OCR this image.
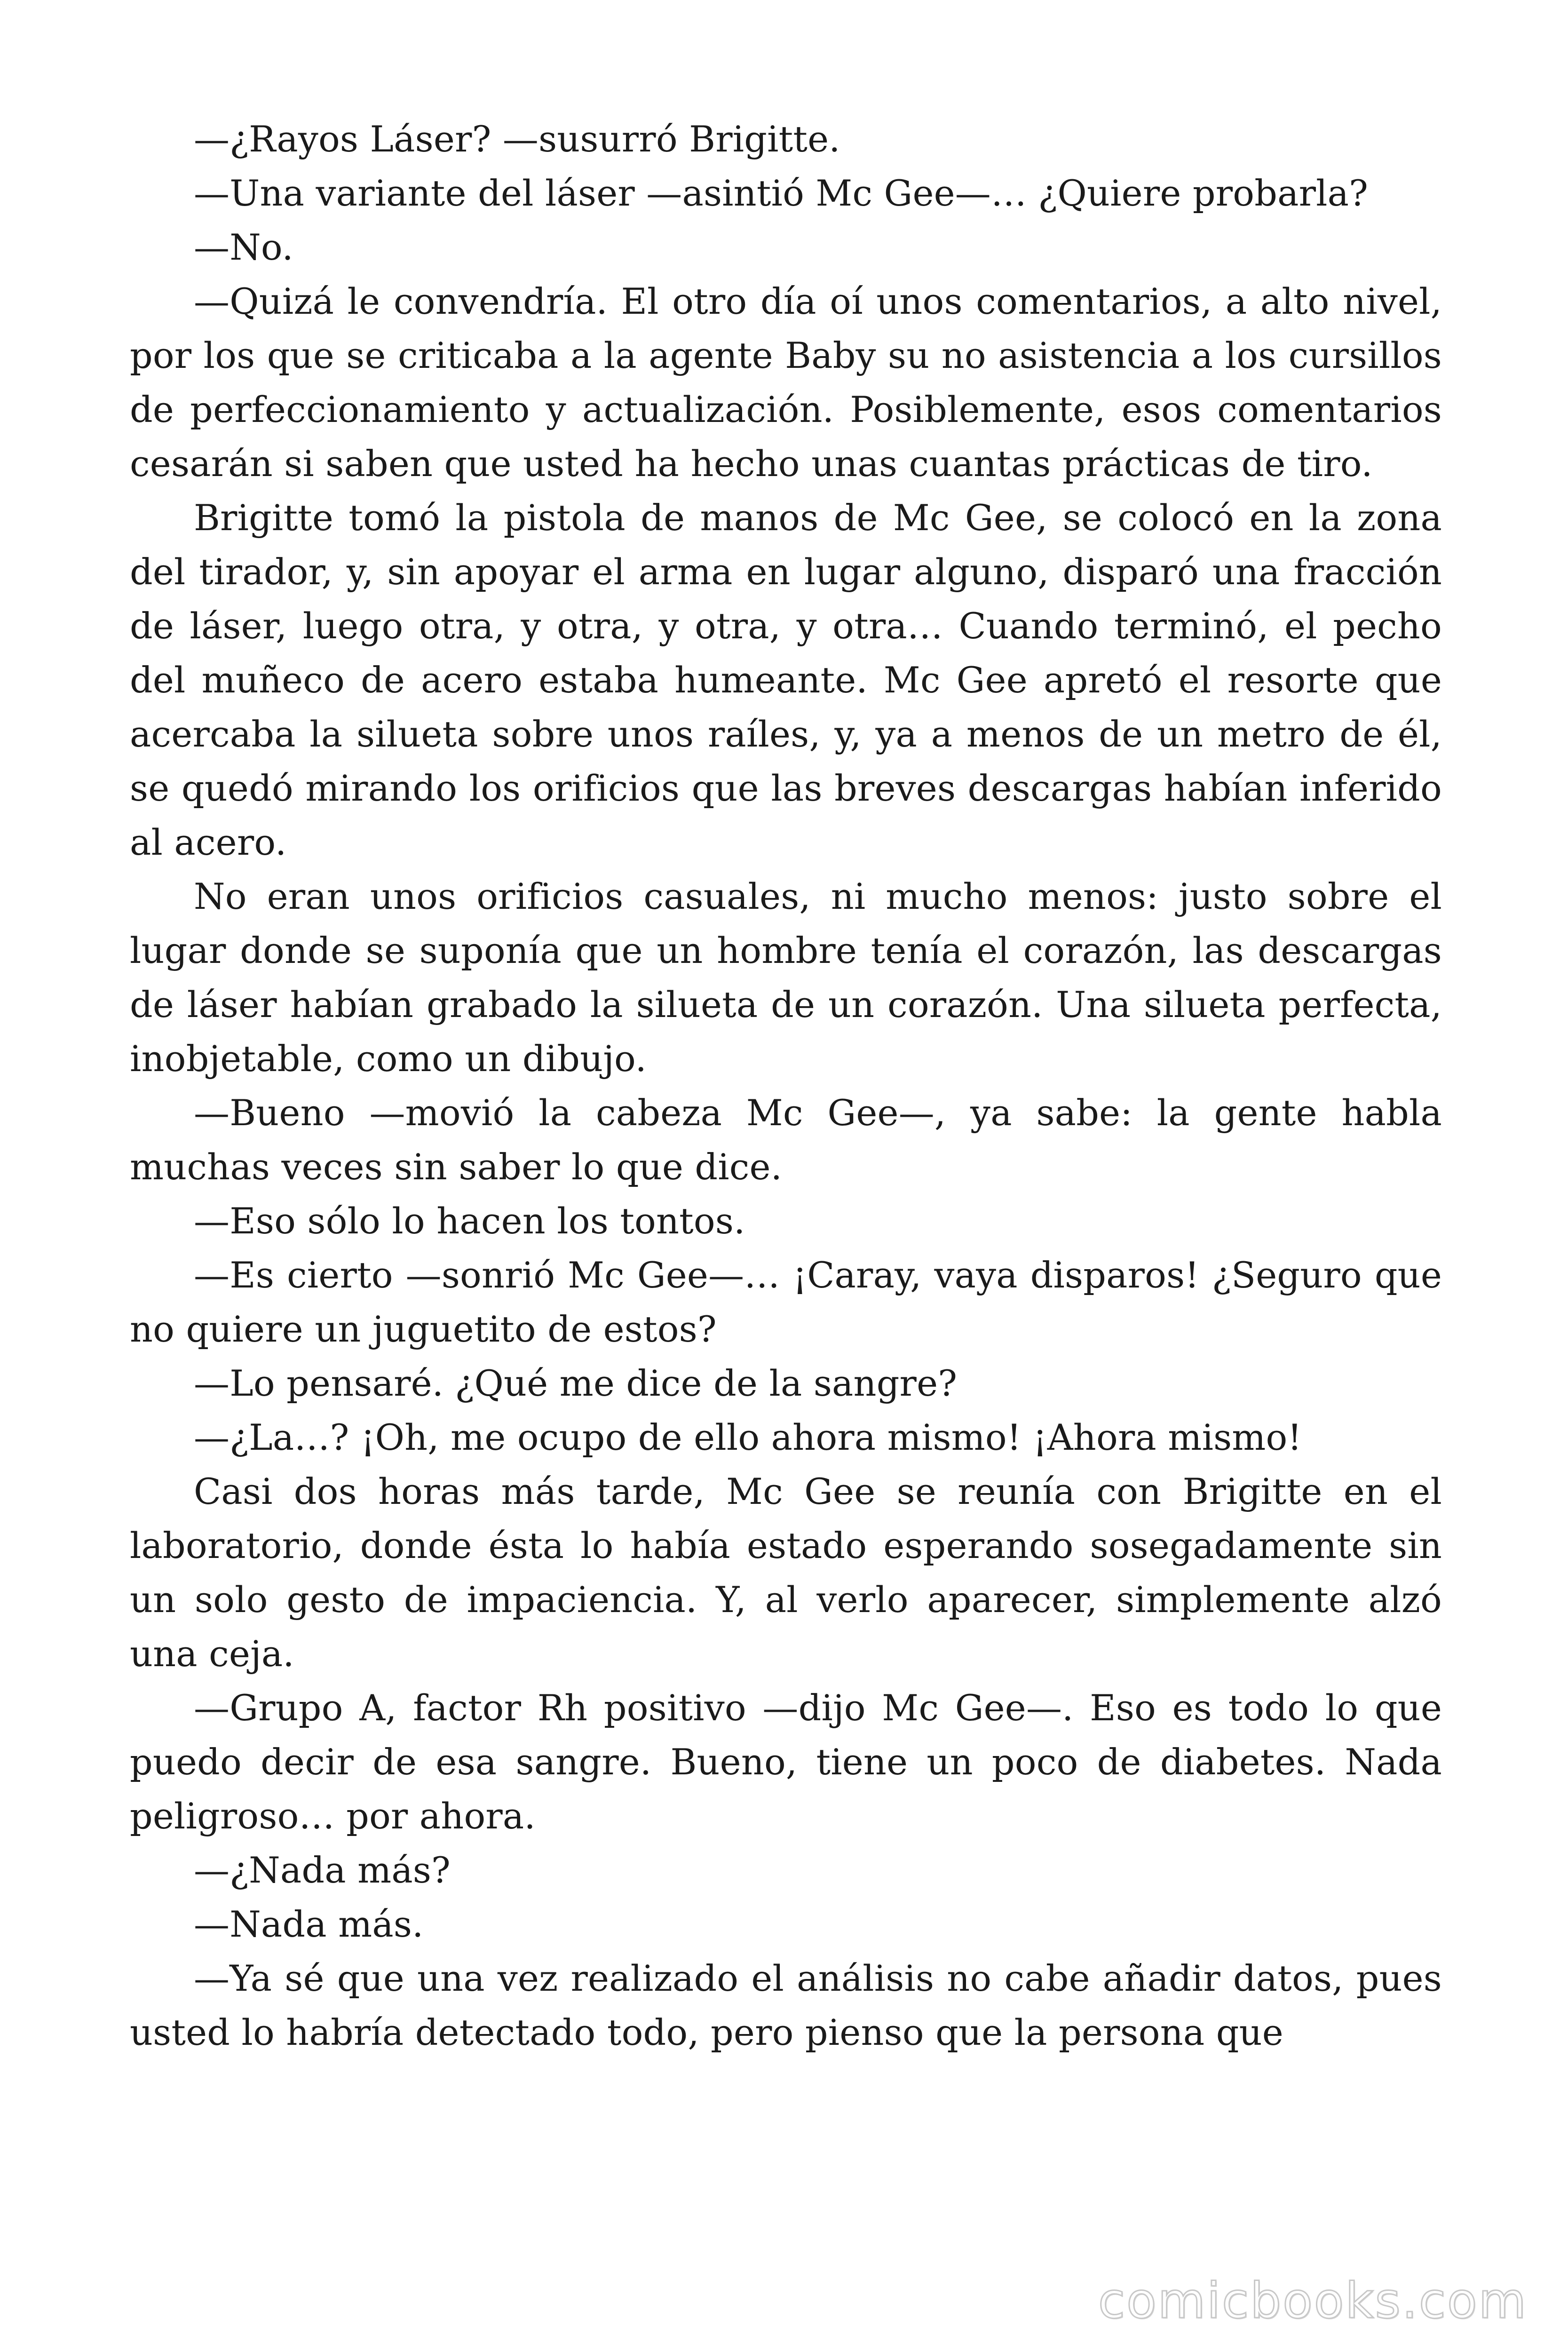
—¿Rayos Láser? —susurró Brigitte.

—Una variante del láser —asintió Mc Gee—… ¿Quiere probarla?

—No.

—Quizá le convendría. El otro día oí unos comentarios, a alto nivel, por los que se criticaba a la agente Baby su no asistencia a los cursillos de perfeccionamiento y actualización. Posiblemente, esos comentarios cesarán si saben que usted ha hecho unas cuantas prácticas de tiro.

Brigitte tomó la pistola de manos de Mc Gee, se colocó en la zona del tirador, y, sin apoyar el arma en lugar alguno, disparó una fracción de láser, luego otra, y otra, y otra, y otra… Cuando terminó, el pecho del muñeco de acero estaba humeante. Mc Gee apretó el resorte que acercaba la silueta sobre unos raíles, y, ya a menos de un metro de él, se quedó mirando los orificios que las breves descargas habían inferido al acero.

No eran unos orificios casuales, ni mucho menos: justo sobre el lugar donde se suponía que un hombre tenía el corazón, las descargas de láser habían grabado la silueta de un corazón. Una silueta perfecta, inobjetable, como un dibujo.

—Bueno —movió la cabeza Mc Gee—, ya sabe: la gente habla muchas veces sin saber lo que dice.

—Eso sólo lo hacen los tontos.

—Es cierto —sonrió Mc Gee—… ¡Caray, vaya disparos! ¿Seguro que no quiere un juguetito de estos?

—Lo pensaré. ¿Qué me dice de la sangre?

—¿La…? ¡Oh, me ocupo de ello ahora mismo! ¡Ahora mismo!

Casi dos horas más tarde, Mc Gee se reunía con Brigitte en el laboratorio, donde ésta lo había estado esperando sosegadamente sin un solo gesto de impaciencia. Y, al verlo aparecer, simplemente alzó una ceja.

—Grupo A, factor Rh positivo —dijo Mc Gee—. Eso es todo lo que puedo decir de esa sangre. Bueno, tiene un poco de diabetes. Nada peligroso… por ahora.

—¿Nada más?

—Nada más.

—Ya sé que una vez realizado el análisis no cabe añadir datos, pues usted lo habría detectado todo, pero pienso que la persona que

comicbooks.com
